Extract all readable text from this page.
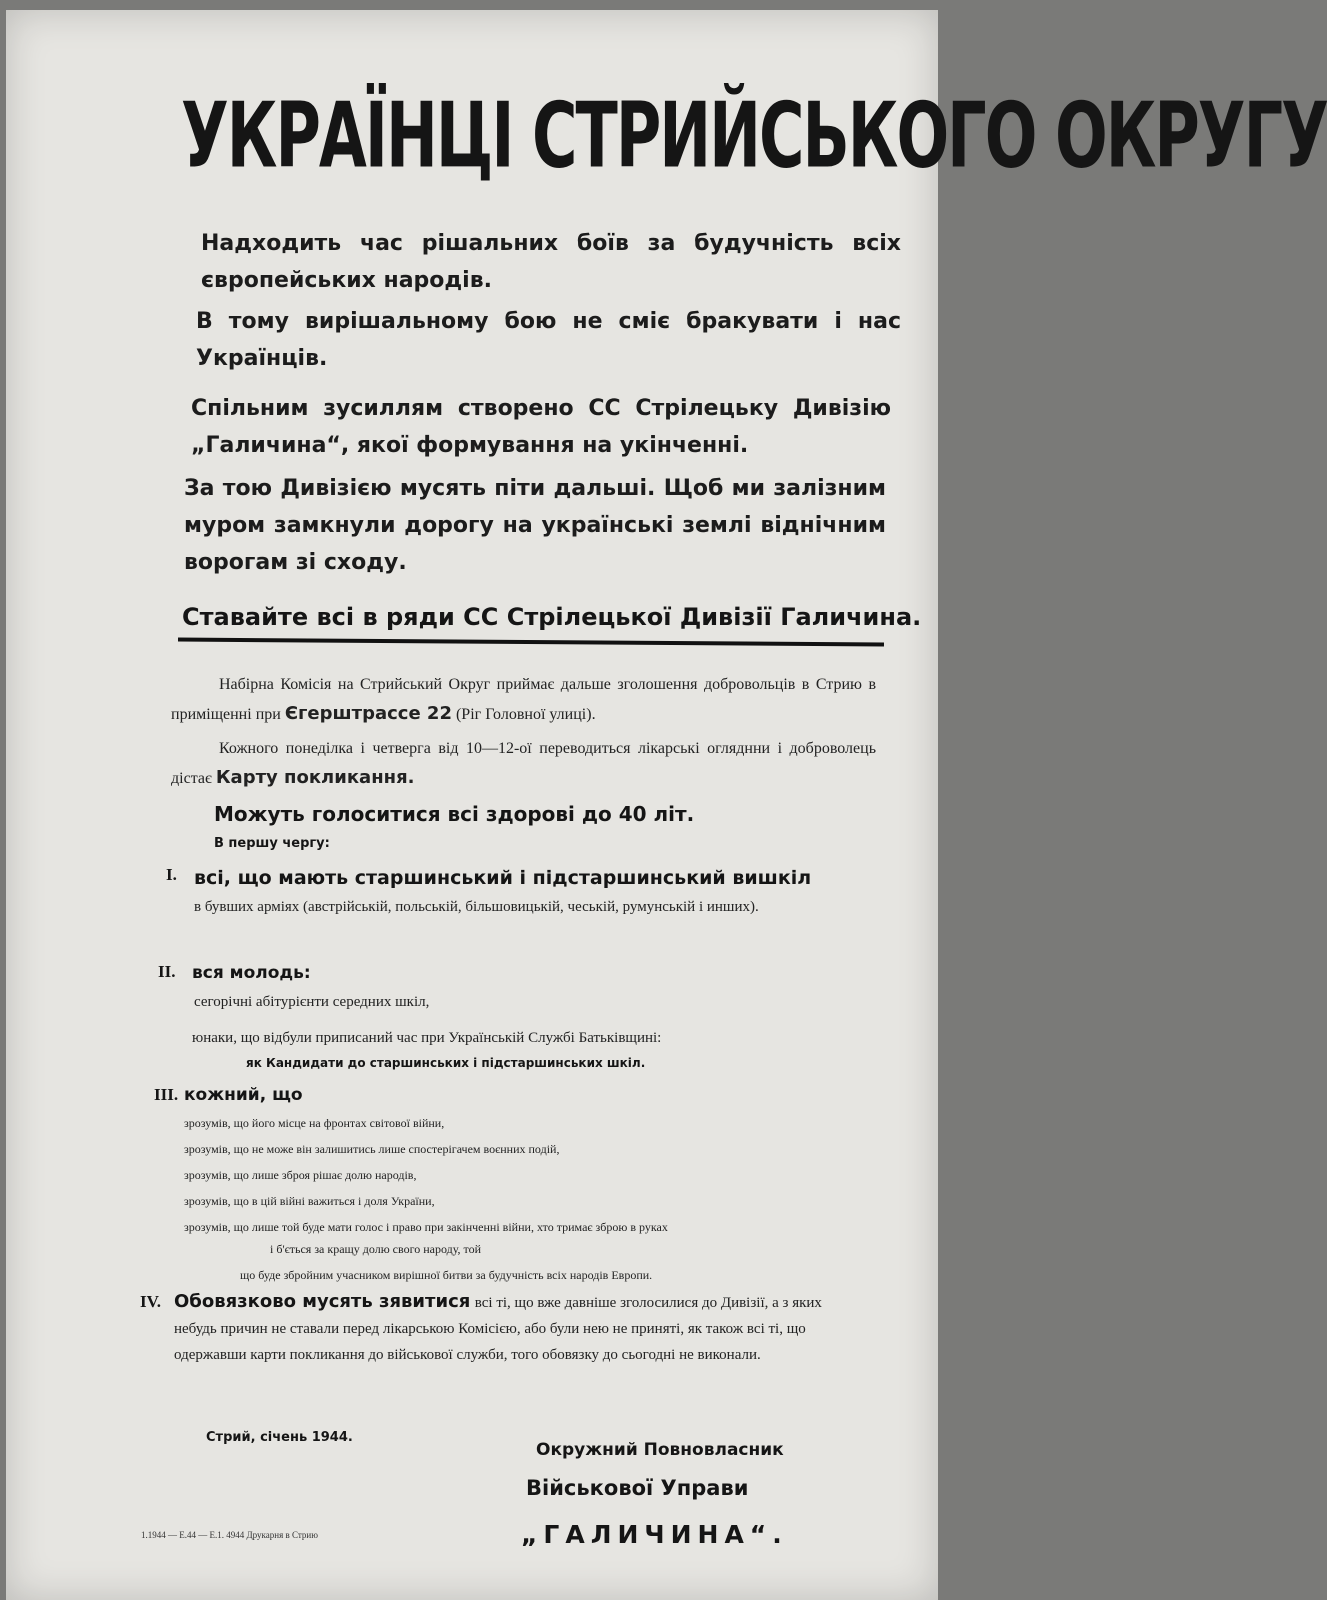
УКРАЇНЦІ СТРИЙСЬКОГО ОКРУГУ
Надходить час рішальних боїв за будучність всіх європейських народів.
В тому вирішальному бою не сміє бракувати і нас Українців.
Спільним зусиллям створено СС Стрілецьку Дивізію „Галичина“, якої формування на укінченні.
За тою Дивізією мусять піти дальші. Щоб ми залізним муром замкнули дорогу на українські землі віднічним ворогам зі сходу.
Ставайте всі в ряди СС Стрілецької Дивізії Галичина.
Набірна Комісія на Стрийський Округ приймає дальше зголошення добровольців в Стрию в приміщенні при Єгерштрассе 22 (Ріг Головної улиці).
Кожного понеділка і четверга від 10—12-ої переводиться лікарські огляднни і доброволець дістає Карту покликання.
Можуть голоситися всі здорові до 40 літ.
В першу чергу:
I. всі, що мають старшинський і підстаршинський вишкіл
в бувших арміях (австрійській, польській, більшовицькій, чеській, румунській і инших).
II. вся молодь:
сегорічні абітурієнти середних шкіл,
юнаки, що відбули приписаний час при Українській Службі Батьківщині:
як Кандидати до старшинських і підстаршинських шкіл.
III. кожний, що
зрозумів, що його місце на фронтах світової війни,
зрозумів, що не може він залишитись лише спостерігачем воєнних подій,
зрозумів, що лише зброя рішає долю народів,
зрозумів, що в цій війні важиться і доля України,
зрозумів, що лише той буде мати голос і право при закінченні війни, хто тримає зброю в руках
і б'ється за кращу долю свого народу, той
що буде збройним учасником вирішної битви за будучність всіх народів Европи.
IV. Обовязково мусять зявитися всі ті, що вже давніше зголосилися до Дивізії, а з яких небудь причин не ставали перед лікарською Комісією, або були нею не приняті, як також всі ті, що одержавши карти покликання до військової служби, того обовязку до сьогодні не виконали.
Стрий, січень 1944.
Окружний Повновласник
Військової Управи
„ГАЛИЧИНА“.
1.1944 — Е.44 — Е.1. 4944 Друкарня в Стрию
